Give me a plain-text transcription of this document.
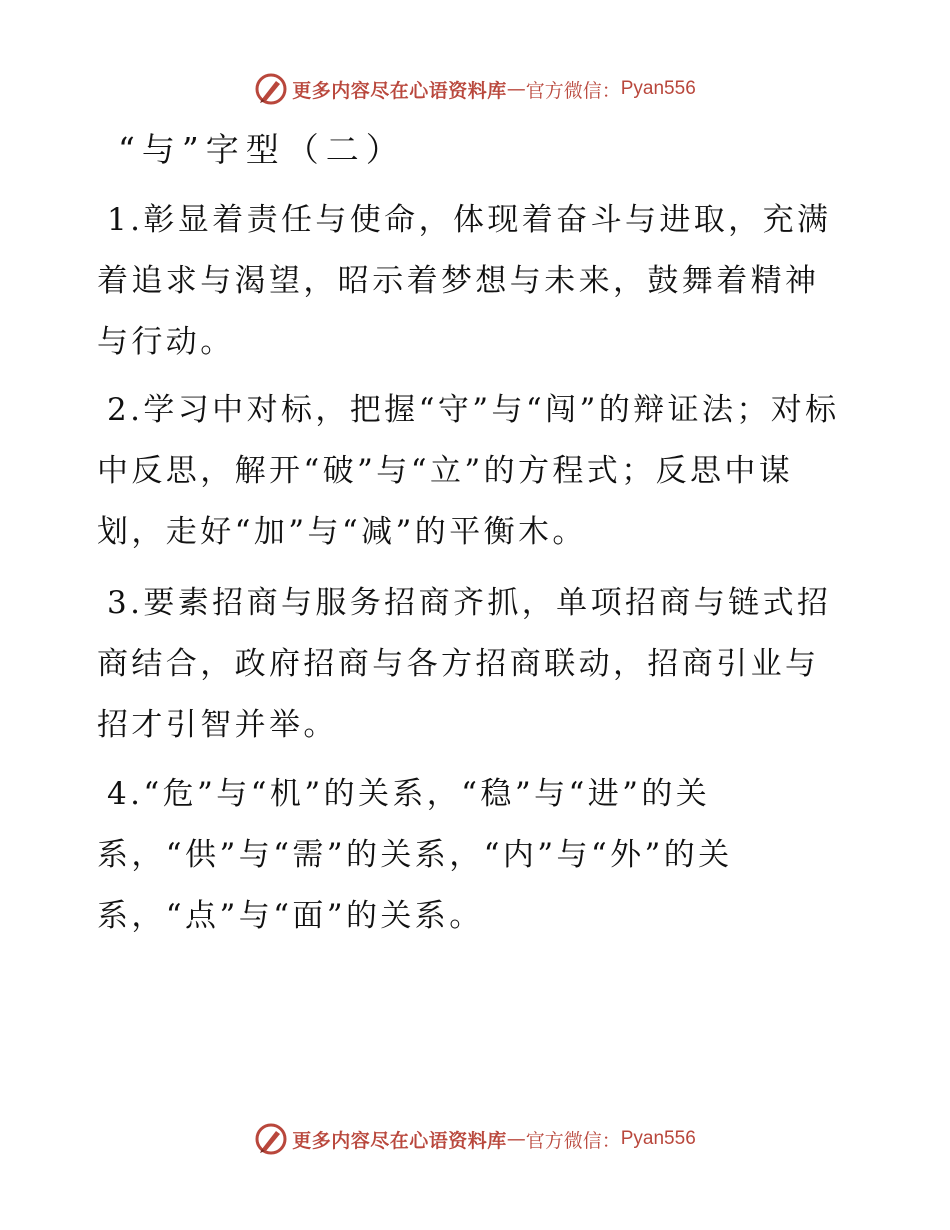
更多内容尽在心语资料库 — 官方微信： Pyan556
“与”字型（二）

1.彰显着责任与使命，体现着奋斗与进取，充满着追求与渴望，昭示着梦想与未来，鼓舞着精神与行动。

2.学习中对标，把握“守”与“闯”的辩证法；对标中反思，解开“破”与“立”的方程式；反思中谋划，走好“加”与“减”的平衡木。

3.要素招商与服务招商齐抓，单项招商与链式招商结合，政府招商与各方招商联动，招商引业与招才引智并举。

4.“危”与“机”的关系，“稳”与“进”的关系，“供”与“需”的关系，“内”与“外”的关系，“点”与“面”的关系。

更多内容尽在心语资料库 — 官方微信： Pyan556
